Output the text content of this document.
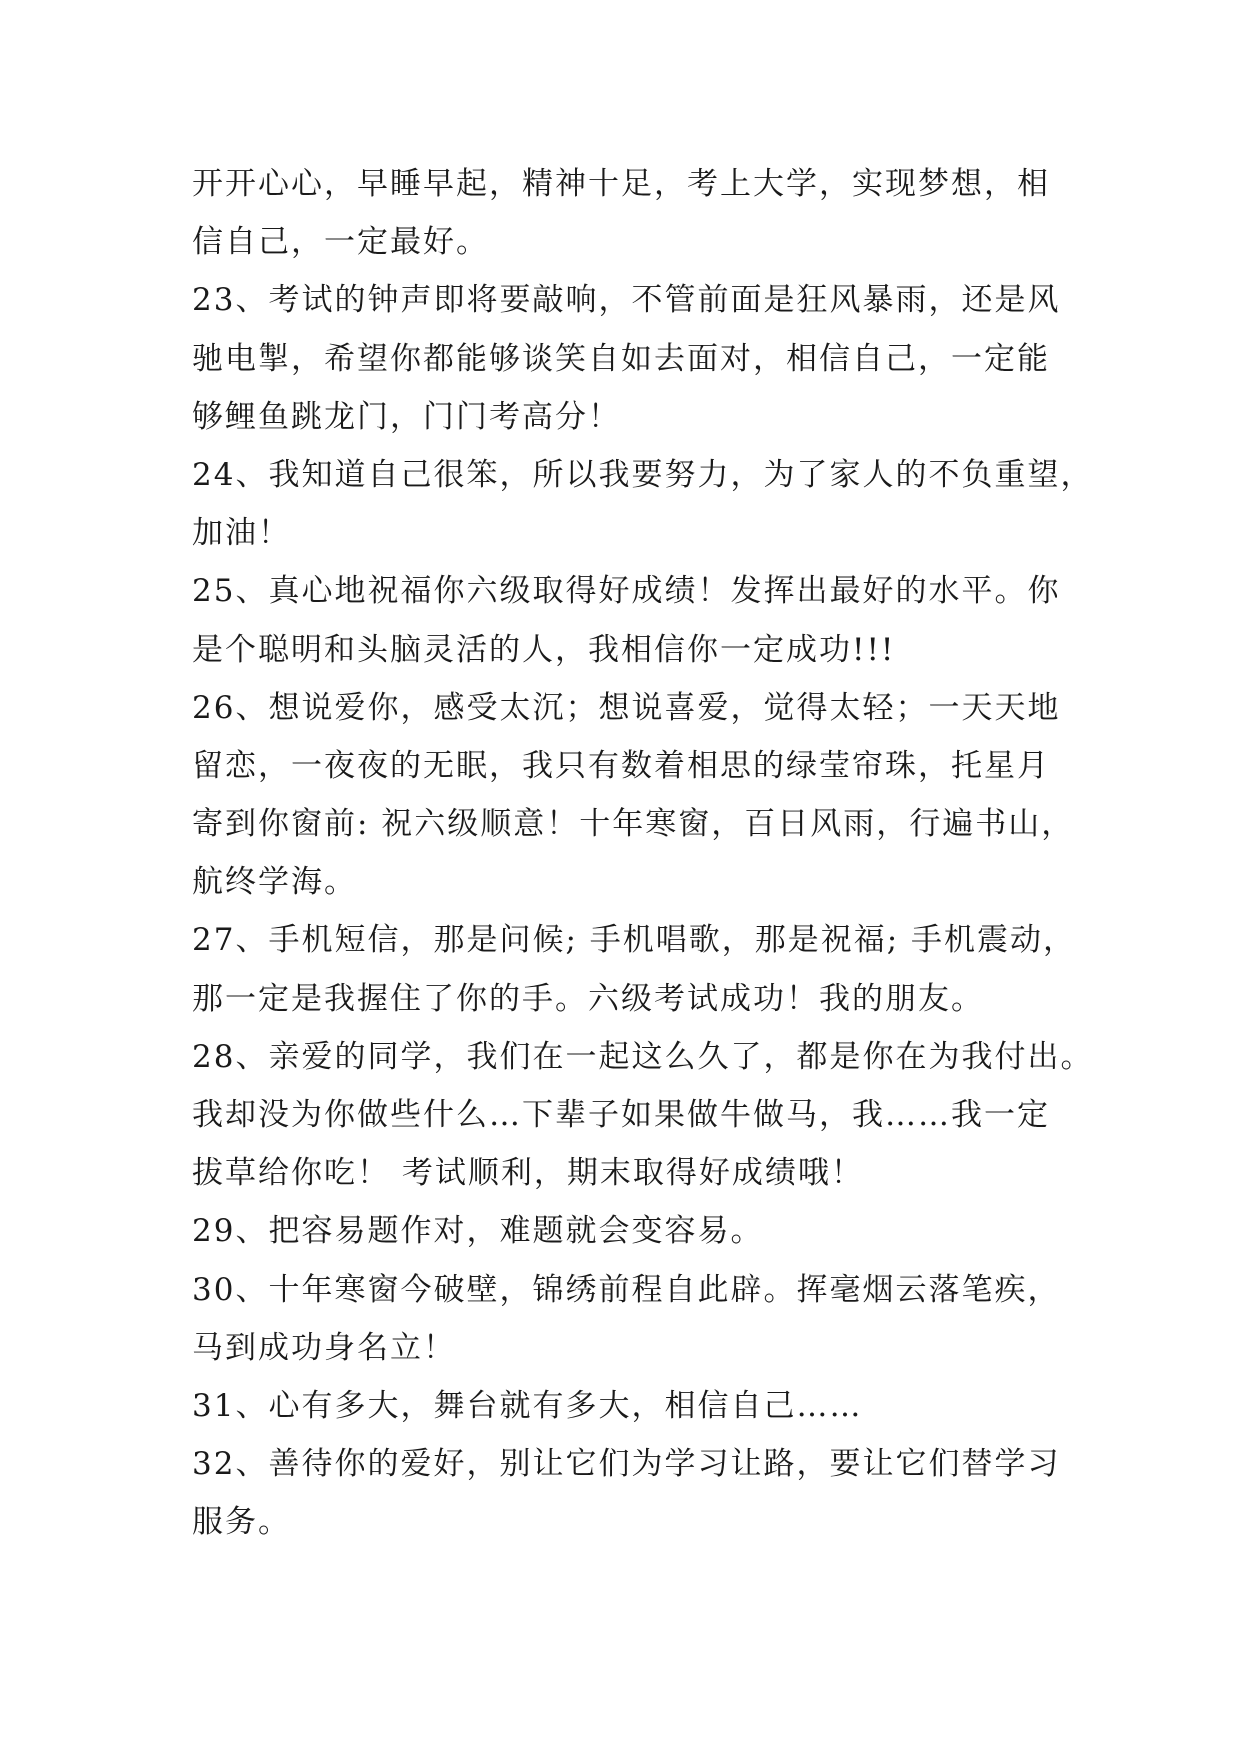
开开心心，早睡早起，精神十足，考上大学，实现梦想，相
信自己，一定最好。
23、考试的钟声即将要敲响，不管前面是狂风暴雨，还是风
驰电掣，希望你都能够谈笑自如去面对，相信自己，一定能
够鲤鱼跳龙门，门门考高分！
24、我知道自己很笨，所以我要努力，为了家人的不负重望，
加油！
25、真心地祝福你六级取得好成绩！发挥出最好的水平。你
是个聪明和头脑灵活的人，我相信你一定成功!!!
26、想说爱你，感受太沉；想说喜爱，觉得太轻；一天天地
留恋，一夜夜的无眠，我只有数着相思的绿莹帘珠，托星月
寄到你窗前: 祝六级顺意！十年寒窗，百日风雨，行遍书山，
航终学海。
27、手机短信，那是问候; 手机唱歌，那是祝福; 手机震动，
那一定是我握住了你的手。六级考试成功！我的朋友。
28、亲爱的同学，我们在一起这么久了，都是你在为我付出。
我却没为你做些什么…下辈子如果做牛做马，我……我一定
拔草给你吃！ 考试顺利，期末取得好成绩哦！
29、把容易题作对，难题就会变容易。
30、十年寒窗今破壁，锦绣前程自此辟。挥毫烟云落笔疾，
马到成功身名立！
31、心有多大，舞台就有多大，相信自己……
32、善待你的爱好，别让它们为学习让路，要让它们替学习
服务。
